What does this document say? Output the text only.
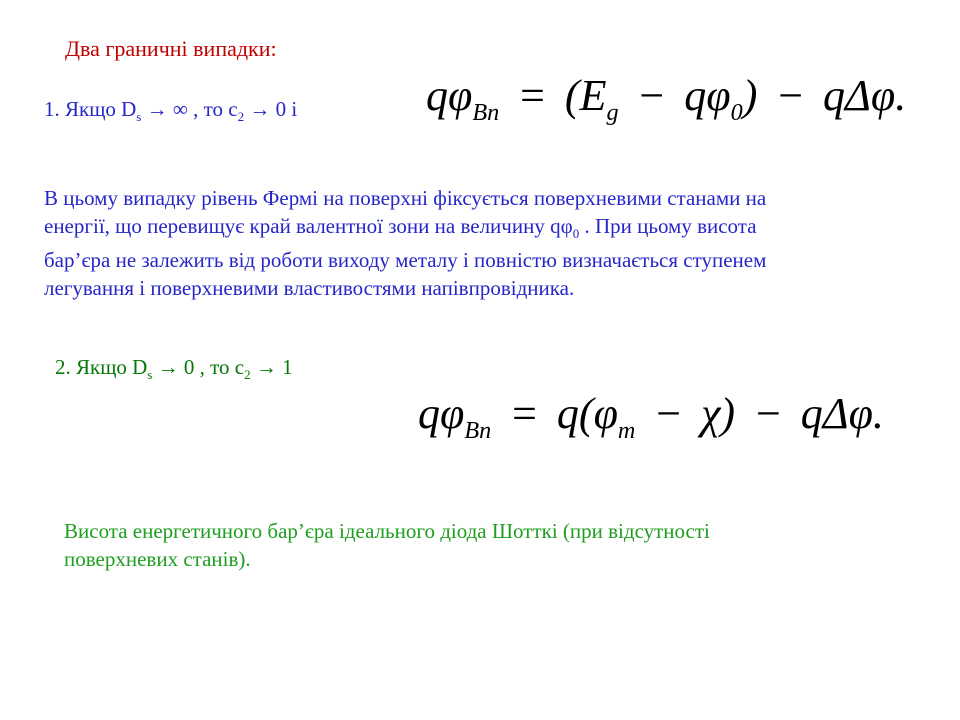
Два граничні випадки:
1. Якщо $D_s$ → ∞ , то $c_2 \to 0$ і	$q\varphi_{Bn} = (E_g - q\varphi_0) - q\Delta\varphi$.
В цьому випадку рівень Фермі на поверхні фіксується поверхневими станами на
енергії, що перевищує край валентної зони на величину $q\varphi_0$ . При цьому висота
бар’єра не залежить від роботи виходу металу і повністю визначається ступенем
легування і поверхневими властивостями напівпровідника.
2. Якщо $D_s \to 0$ , то $c_2 \to 1$
$q\varphi_{Bn} = q(\varphi_m - \chi) - q\Delta\varphi$.
Висота енергетичного бар’єра ідеального діода Шотткі (при відсутності
поверхневих станів).
